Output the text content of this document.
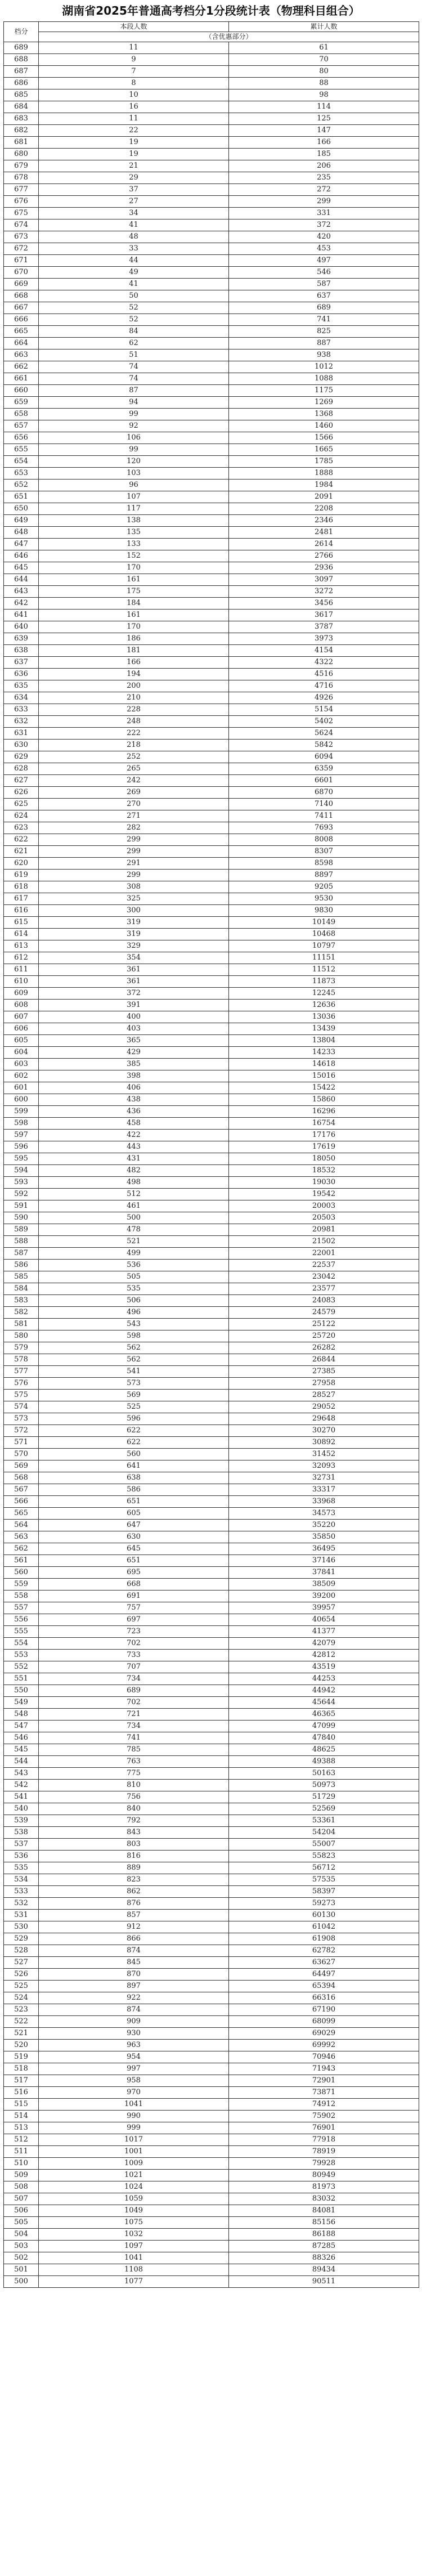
湖南省2025年普通高考档分1分段统计表（物理科目组合）
档分	本段人数	累计人数
	（含优惠部分）	
689	11	61
688	9	70
687	7	80
686	8	88
685	10	98
684	16	114
683	11	125
682	22	147
681	19	166
680	19	185
679	21	206
678	29	235
677	37	272
676	27	299
675	34	331
674	41	372
673	48	420
672	33	453
671	44	497
670	49	546
669	41	587
668	50	637
667	52	689
666	52	741
665	84	825
664	62	887
663	51	938
662	74	1012
661	74	1088
660	87	1175
659	94	1269
658	99	1368
657	92	1460
656	106	1566
655	99	1665
654	120	1785
653	103	1888
652	96	1984
651	107	2091
650	117	2208
649	138	2346
648	135	2481
647	133	2614
646	152	2766
645	170	2936
644	161	3097
643	175	3272
642	184	3456
641	161	3617
640	170	3787
639	186	3973
638	181	4154
637	166	4322
636	194	4516
635	200	4716
634	210	4926
633	228	5154
632	248	5402
631	222	5624
630	218	5842
629	252	6094
628	265	6359
627	242	6601
626	269	6870
625	270	7140
624	271	7411
623	282	7693
622	299	8008
621	299	8307
620	291	8598
619	299	8897
618	308	9205
617	325	9530
616	300	9830
615	319	10149
614	319	10468
613	329	10797
612	354	11151
611	361	11512
610	361	11873
609	372	12245
608	391	12636
607	400	13036
606	403	13439
605	365	13804
604	429	14233
603	385	14618
602	398	15016
601	406	15422
600	438	15860
599	436	16296
598	458	16754
597	422	17176
596	443	17619
595	431	18050
594	482	18532
593	498	19030
592	512	19542
591	461	20003
590	500	20503
589	478	20981
588	521	21502
587	499	22001
586	536	22537
585	505	23042
584	535	23577
583	506	24083
582	496	24579
581	543	25122
580	598	25720
579	562	26282
578	562	26844
577	541	27385
576	573	27958
575	569	28527
574	525	29052
573	596	29648
572	622	30270
571	622	30892
570	560	31452
569	641	32093
568	638	32731
567	586	33317
566	651	33968
565	605	34573
564	647	35220
563	630	35850
562	645	36495
561	651	37146
560	695	37841
559	668	38509
558	691	39200
557	757	39957
556	697	40654
555	723	41377
554	702	42079
553	733	42812
552	707	43519
551	734	44253
550	689	44942
549	702	45644
548	721	46365
547	734	47099
546	741	47840
545	785	48625
544	763	49388
543	775	50163
542	810	50973
541	756	51729
540	840	52569
539	792	53361
538	843	54204
537	803	55007
536	816	55823
535	889	56712
534	823	57535
533	862	58397
532	876	59273
531	857	60130
530	912	61042
529	866	61908
528	874	62782
527	845	63627
526	870	64497
525	897	65394
524	922	66316
523	874	67190
522	909	68099
521	930	69029
520	963	69992
519	954	70946
518	997	71943
517	958	72901
516	970	73871
515	1041	74912
514	990	75902
513	999	76901
512	1017	77918
511	1001	78919
510	1009	79928
509	1021	80949
508	1024	81973
507	1059	83032
506	1049	84081
505	1075	85156
504	1032	86188
503	1097	87285
502	1041	88326
501	1108	89434
500	1077	90511
